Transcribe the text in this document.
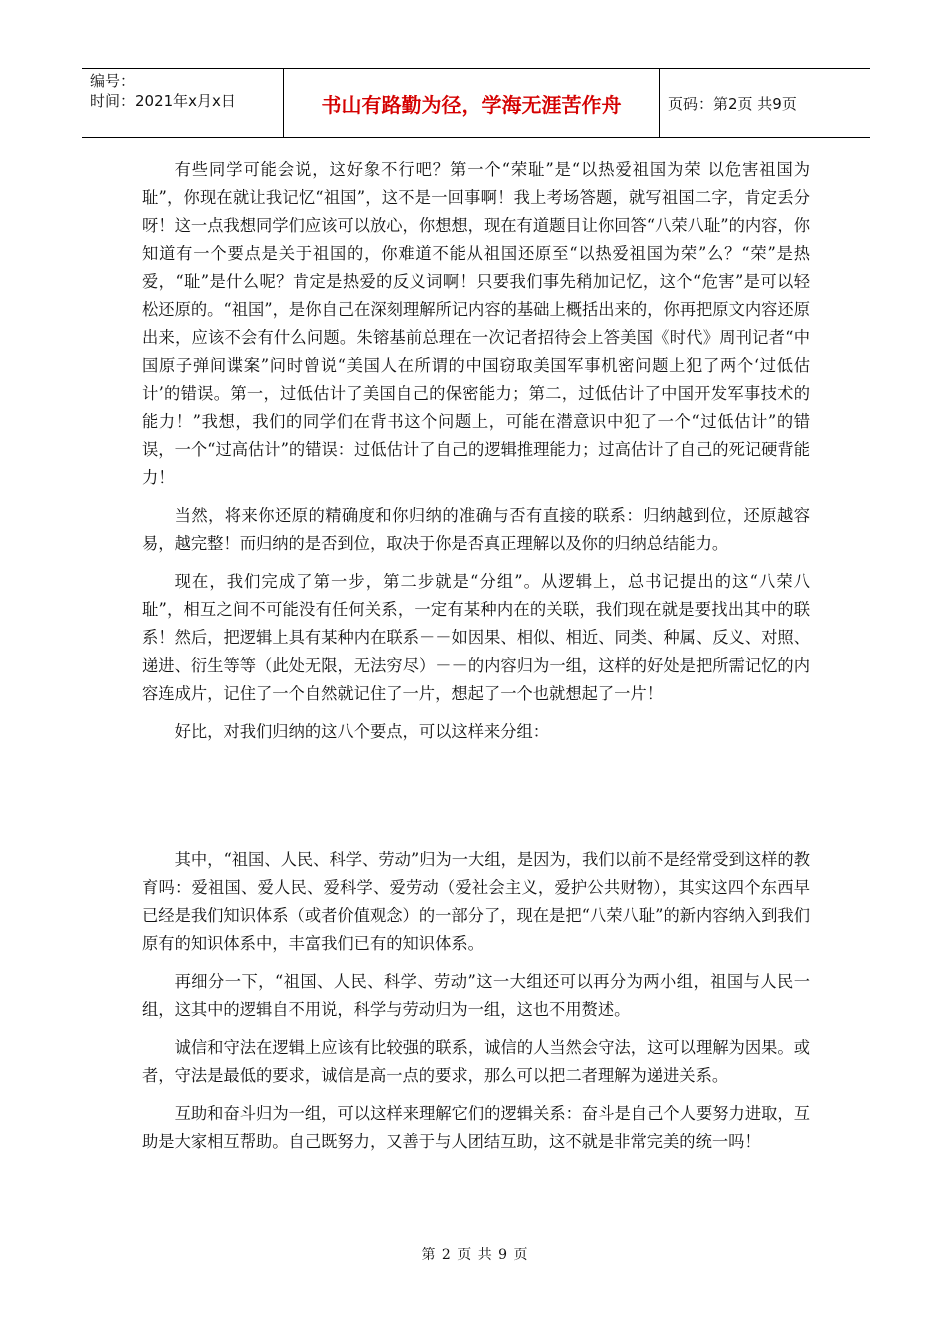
编号：
时间：2021年x月x日	书山有路勤为径，学海无涯苦作舟	页码：第2页 共9页

有些同学可能会说，这好象不行吧？第一个“荣耻”是“以热爱祖国为荣 以危害祖国为耻”，你现在就让我记忆“祖国”，这不是一回事啊！我上考场答题，就写祖国二字，肯定丢分呀！这一点我想同学们应该可以放心，你想想，现在有道题目让你回答“八荣八耻”的内容，你知道有一个要点是关于祖国的，你难道不能从祖国还原至“以热爱祖国为荣”么？“荣”是热爱，“耻”是什么呢？肯定是热爱的反义词啊！只要我们事先稍加记忆，这个“危害”是可以轻松还原的。“祖国”，是你自己在深刻理解所记内容的基础上概括出来的，你再把原文内容还原出来，应该不会有什么问题。朱镕基前总理在一次记者招待会上答美国《时代》周刊记者“中国原子弹间谍案”问时曾说“美国人在所谓的中国窃取美国军事机密问题上犯了两个‘过低估计’的错误。第一，过低估计了美国自己的保密能力；第二，过低估计了中国开发军事技术的能力！”我想，我们的同学们在背书这个问题上，可能在潜意识中犯了一个“过低估计”的错误，一个“过高估计”的错误：过低估计了自己的逻辑推理能力；过高估计了自己的死记硬背能力！

当然，将来你还原的精确度和你归纳的准确与否有直接的联系：归纳越到位，还原越容易，越完整！而归纳的是否到位，取决于你是否真正理解以及你的归纳总结能力。

现在，我们完成了第一步，第二步就是“分组”。从逻辑上，总书记提出的这“八荣八耻”，相互之间不可能没有任何关系，一定有某种内在的关联，我们现在就是要找出其中的联系！然后，把逻辑上具有某种内在联系－－如因果、相似、相近、同类、种属、反义、对照、递进、衍生等等（此处无限，无法穷尽）－－的内容归为一组，这样的好处是把所需记忆的内容连成片，记住了一个自然就记住了一片，想起了一个也就想起了一片！

好比，对我们归纳的这八个要点，可以这样来分组：

其中，“祖国、人民、科学、劳动”归为一大组，是因为，我们以前不是经常受到这样的教育吗：爱祖国、爱人民、爱科学、爱劳动（爱社会主义，爱护公共财物），其实这四个东西早已经是我们知识体系（或者价值观念）的一部分了，现在是把“八荣八耻”的新内容纳入到我们原有的知识体系中，丰富我们已有的知识体系。

再细分一下，“祖国、人民、科学、劳动”这一大组还可以再分为两小组，祖国与人民一组，这其中的逻辑自不用说，科学与劳动归为一组，这也不用赘述。

诚信和守法在逻辑上应该有比较强的联系，诚信的人当然会守法，这可以理解为因果。或者，守法是最低的要求，诚信是高一点的要求，那么可以把二者理解为递进关系。

互助和奋斗归为一组，可以这样来理解它们的逻辑关系：奋斗是自己个人要努力进取，互助是大家相互帮助。自己既努力，又善于与人团结互助，这不就是非常完美的统一吗！

第 2 页 共 9 页
